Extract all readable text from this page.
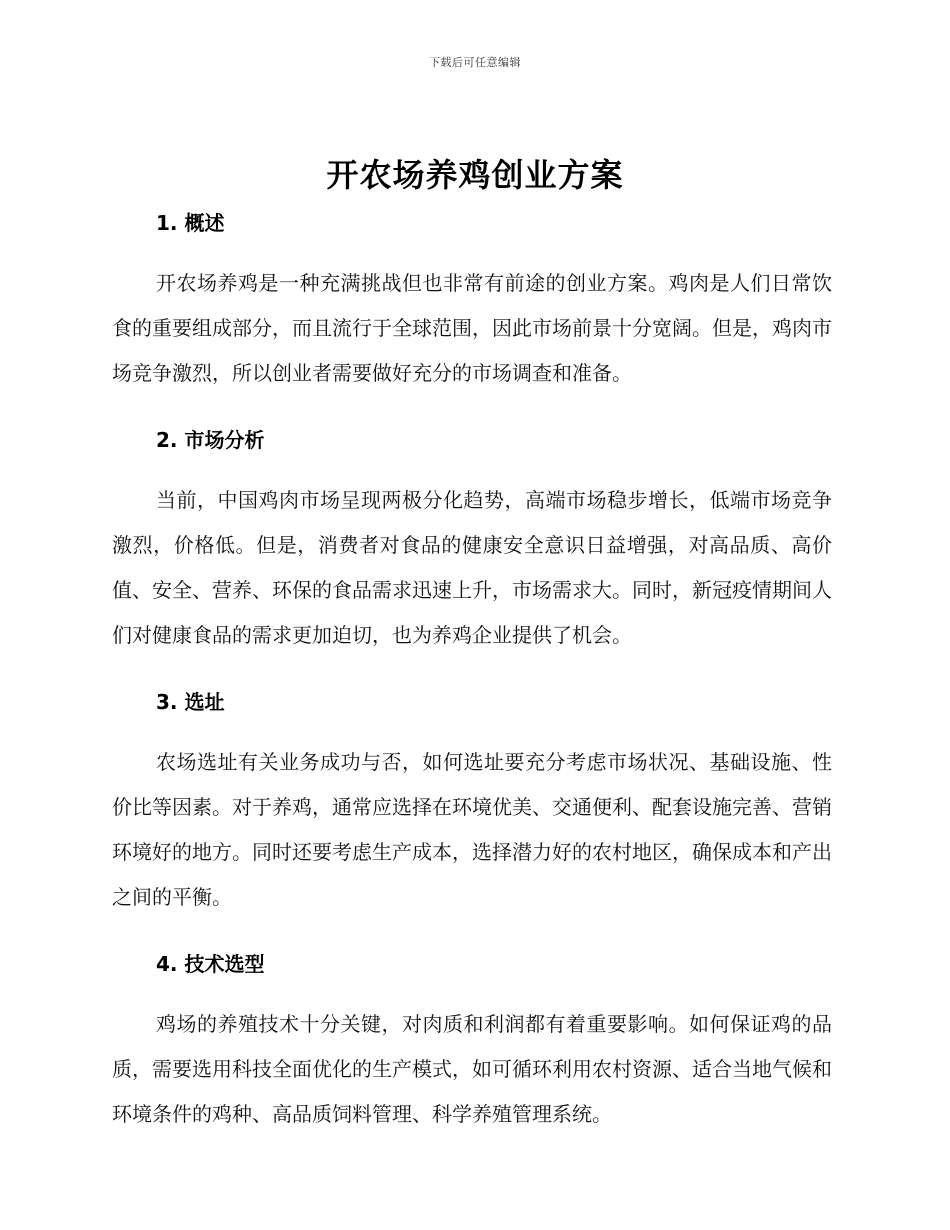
下载后可任意编辑
开农场养鸡创业方案
1. 概述

开农场养鸡是一种充满挑战但也非常有前途的创业方案。鸡肉是人们日常饮食的重要组成部分，而且流行于全球范围，因此市场前景十分宽阔。但是，鸡肉市场竞争激烈，所以创业者需要做好充分的市场调查和准备。

2. 市场分析

当前，中国鸡肉市场呈现两极分化趋势，高端市场稳步增长，低端市场竞争激烈，价格低。但是，消费者对食品的健康安全意识日益增强，对高品质、高价值、安全、营养、环保的食品需求迅速上升，市场需求大。同时，新冠疫情期间人们对健康食品的需求更加迫切，也为养鸡企业提供了机会。

3. 选址

农场选址有关业务成功与否，如何选址要充分考虑市场状况、基础设施、性价比等因素。对于养鸡，通常应选择在环境优美、交通便利、配套设施完善、营销环境好的地方。同时还要考虑生产成本，选择潜力好的农村地区，确保成本和产出之间的平衡。

4. 技术选型

鸡场的养殖技术十分关键，对肉质和利润都有着重要影响。如何保证鸡的品质，需要选用科技全面优化的生产模式，如可循环利用农村资源、适合当地气候和环境条件的鸡种、高品质饲料管理、科学养殖管理系统。
